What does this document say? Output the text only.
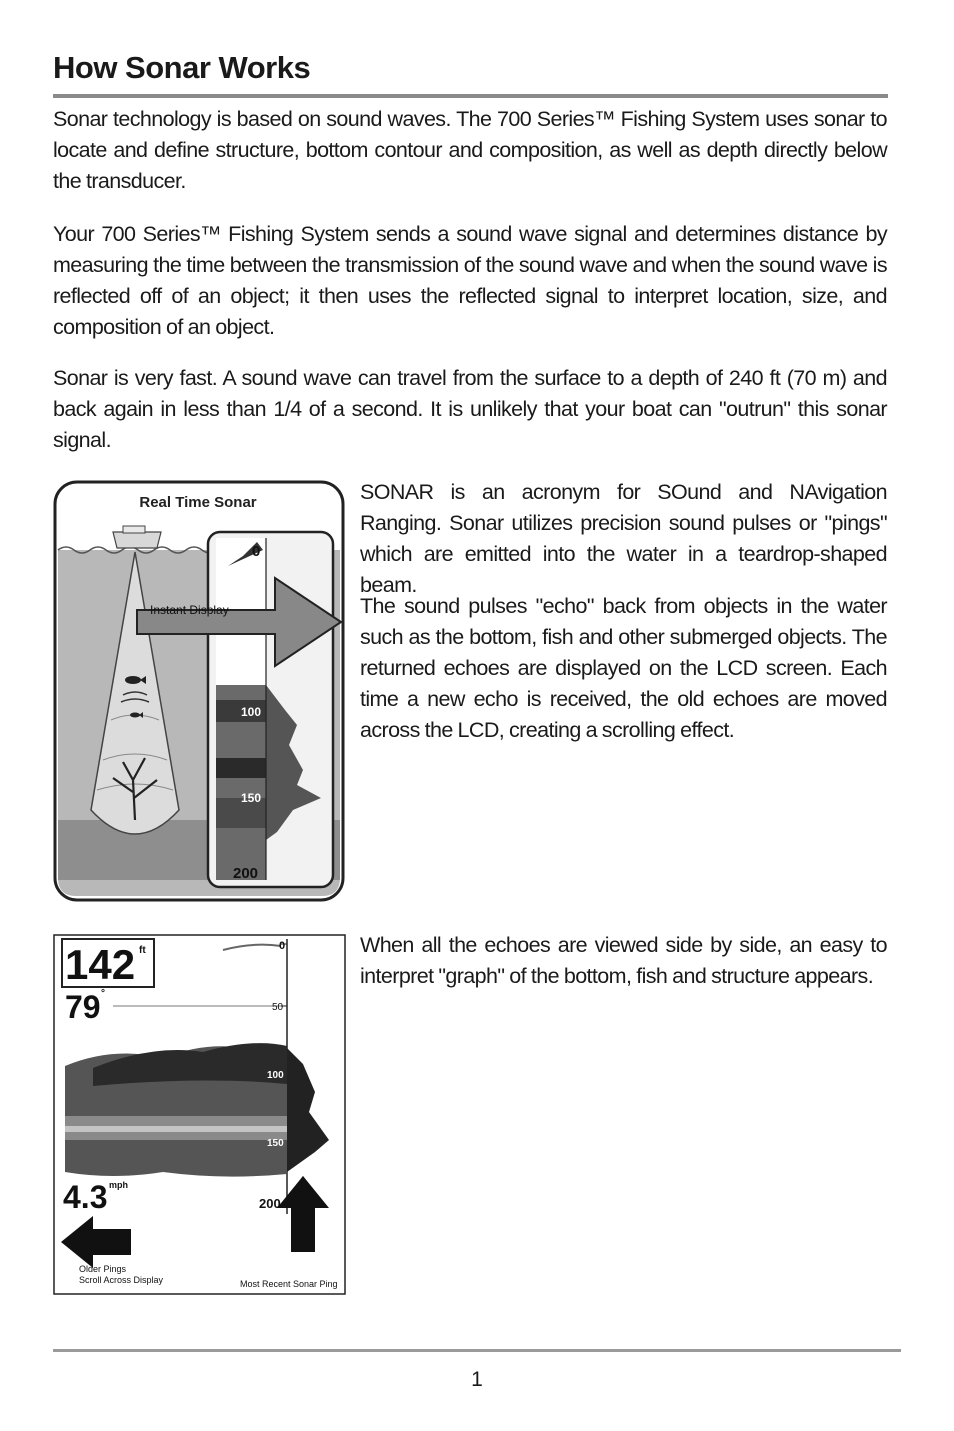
How Sonar Works
Sonar technology is based on sound waves. The 700 Series™ Fishing System uses sonar to locate and define structure, bottom contour and composition, as well as depth directly below the transducer.
Your 700 Series™ Fishing System sends a sound wave signal and determines distance by measuring the time between the transmission of the sound wave and when the sound wave is reflected off of an object; it then uses the reflected signal to interpret location, size, and composition of an object.
Sonar is very fast. A sound wave can travel from the surface to a depth of 240 ft (70 m) and back again in less than 1/4 of a second. It is unlikely that your boat can "outrun" this sonar signal.
Real Time Sonar
Instant Display
0
100
150
200
SONAR is an acronym for SOund and NAvigation Ranging. Sonar utilizes precision sound pulses or "pings" which are emitted into the water in a teardrop-shaped beam.
The sound pulses "echo" back from objects in the water such as the bottom, fish and other submerged objects. The returned echoes are displayed on the LCD screen. Each time a new echo is received, the old echoes are moved across the LCD, creating a scrolling effect.
142 ft
79 °
4.3 mph
0
50
100
150
200
Older Pings
Scroll Across Display	Most Recent Sonar Ping
When all the echoes are viewed side by side, an easy to interpret "graph" of the bottom, fish and structure appears.
1
